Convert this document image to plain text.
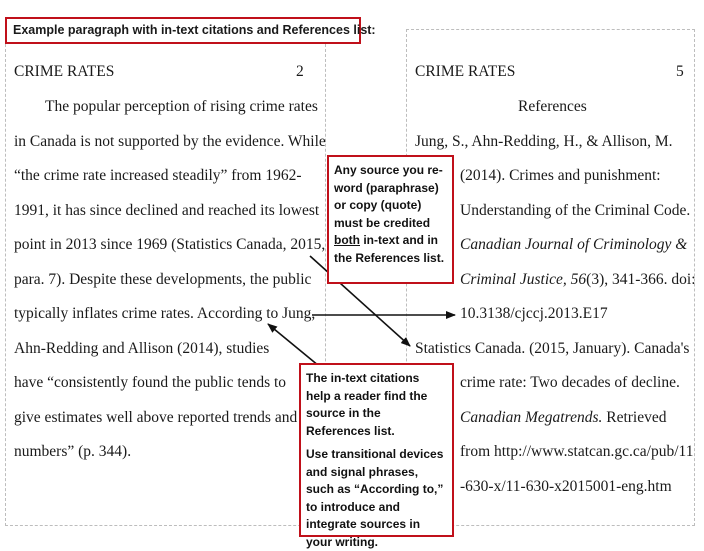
Example paragraph with in-text citations and References list:
CRIME RATES	2
The popular perception of rising crime rates
in Canada is not supported by the evidence. While
“the crime rate increased steadily” from 1962-
1991, it has since declined and reached its lowest
point in 2013 since 1969 (Statistics Canada, 2015,
para. 7). Despite these developments, the public
typically inflates crime rates. According to Jung,
Ahn-Redding and Allison (2014), studies
have “consistently found the public tends to
give estimates well above reported trends and
numbers” (p. 344).
CRIME RATES	5
References
Jung, S., Ahn-Redding, H., & Allison, M.
(2014). Crimes and punishment:
Understanding of the Criminal Code.
Canadian Journal of Criminology &
Criminal Justice, 56(3), 341-366. doi:
10.3138/cjccj.2013.E17
Statistics Canada. (2015, January). Canada's
crime rate: Two decades of decline.
Canadian Megatrends. Retrieved
from http://www.statcan.gc.ca/pub/11
-630-x/11-630-x2015001-eng.htm

Any source you re-word (paraphrase) or copy (quote) must be credited both in-text and in the References list.

The in-text citations help a reader find the source in the References list.

Use transitional devices and signal phrases, such as “According to,” to introduce and integrate sources in your writing.
